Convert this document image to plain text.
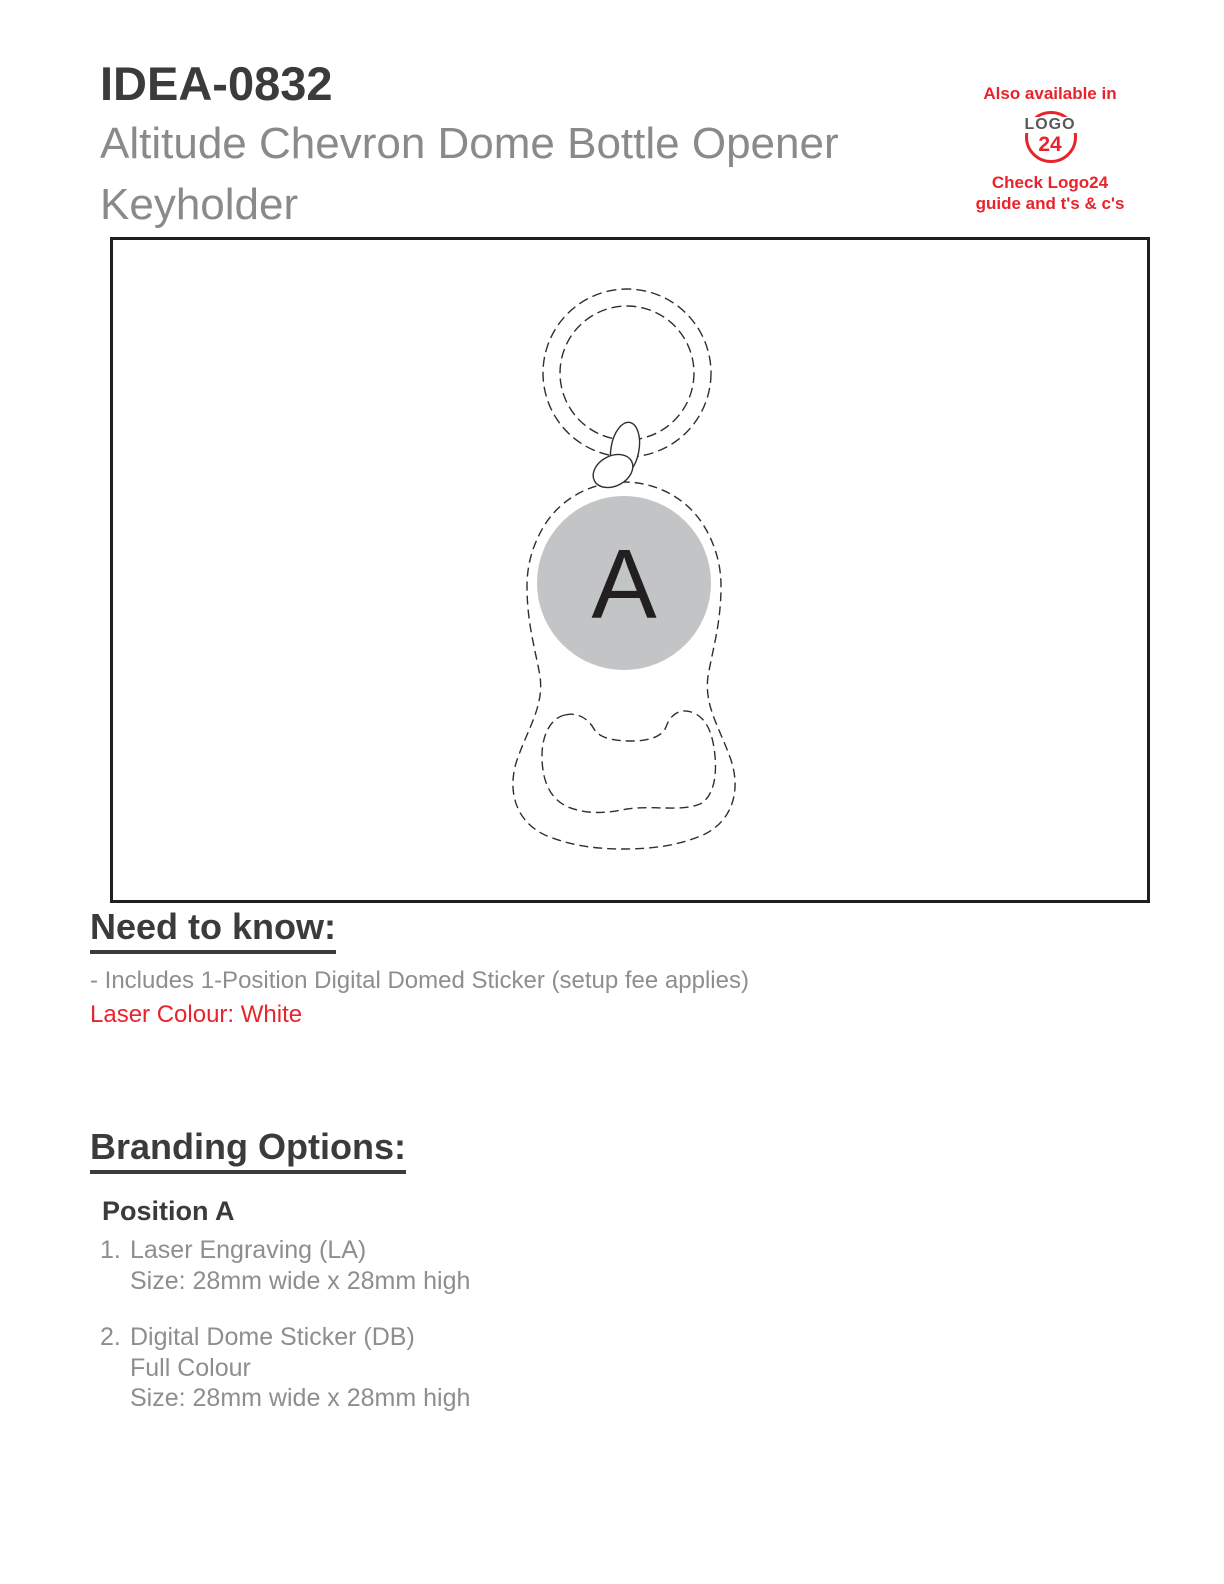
IDEA-0832
Altitude Chevron Dome Bottle Opener Keyholder
Also available in
LOGO
24
Check Logo24
guide and t's & c's
A
Need to know:
- Includes 1-Position Digital Domed Sticker (setup fee applies)
Laser Colour: White
Branding Options:
Position A
1. Laser Engraving (LA)
Size: 28mm wide x 28mm high
2. Digital Dome Sticker (DB)
Full Colour
Size: 28mm wide x 28mm high
